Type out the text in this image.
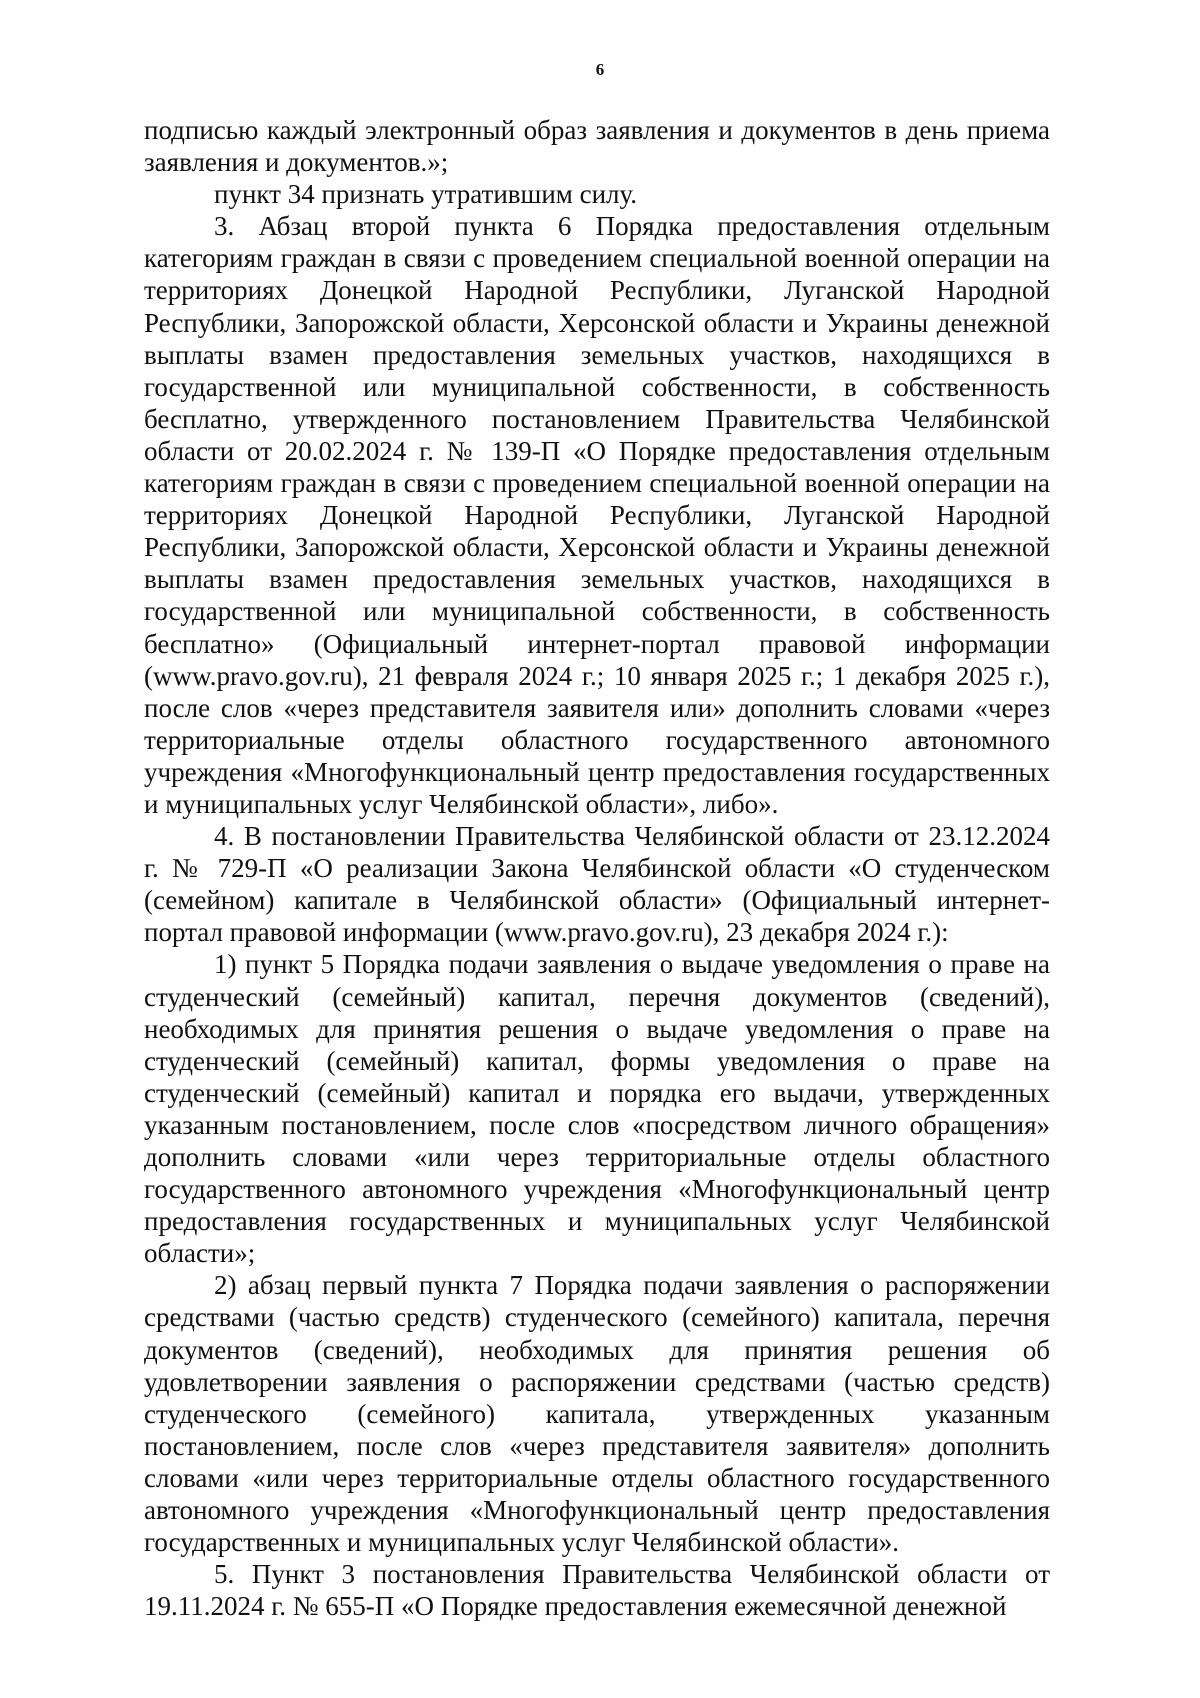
6

подписью каждый электронный образ заявления и документов в день приема заявления и документов.»;

пункт 34 признать утратившим силу.

3. Абзац второй пункта 6 Порядка предоставления отдельным категориям граждан в связи с проведением специальной военной операции на территориях Донецкой Народной Республики, Луганской Народной Республики, Запорожской области, Херсонской области и Украины денежной выплаты взамен предоставления земельных участков, находящихся в государственной или муниципальной собственности, в собственность бесплатно, утвержденного постановлением Правительства Челябинской области от 20.02.2024 г. № 139-П «О Порядке предоставления отдельным категориям граждан в связи с проведением специальной военной операции на территориях Донецкой Народной Республики, Луганской Народной Республики, Запорожской области, Херсонской области и Украины денежной выплаты взамен предоставления земельных участков, находящихся в государственной или муниципальной собственности, в собственность бесплатно» (Официальный интернет-портал правовой информации (www.pravo.gov.ru), 21 февраля 2024 г.; 10 января 2025 г.; 1 декабря 2025 г.), после слов «через представителя заявителя или» дополнить словами «через территориальные отделы областного государственного автономного учреждения «Многофункциональный центр предоставления государственных и муниципальных услуг Челябинской области», либо».

4. В постановлении Правительства Челябинской области от 23.12.2024 г. № 729-П «О реализации Закона Челябинской области «О студенческом (семейном) капитале в Челябинской области» (Официальный интернет-портал правовой информации (www.pravo.gov.ru), 23 декабря 2024 г.):

1) пункт 5 Порядка подачи заявления о выдаче уведомления о праве на студенческий (семейный) капитал, перечня документов (сведений), необходимых для принятия решения о выдаче уведомления о праве на студенческий (семейный) капитал, формы уведомления о праве на студенческий (семейный) капитал и порядка его выдачи, утвержденных указанным постановлением, после слов «посредством личного обращения» дополнить словами «или через территориальные отделы областного государственного автономного учреждения «Многофункциональный центр предоставления государственных и муниципальных услуг Челябинской области»;

2) абзац первый пункта 7 Порядка подачи заявления о распоряжении средствами (частью средств) студенческого (семейного) капитала, перечня документов (сведений), необходимых для принятия решения об удовлетворении заявления о распоряжении средствами (частью средств) студенческого (семейного) капитала, утвержденных указанным постановлением, после слов «через представителя заявителя» дополнить словами «или через территориальные отделы областного государственного автономного учреждения «Многофункциональный центр предоставления государственных и муниципальных услуг Челябинской области».

5. Пункт 3 постановления Правительства Челябинской области от 19.11.2024 г. № 655-П «О Порядке предоставления ежемесячной денежной
